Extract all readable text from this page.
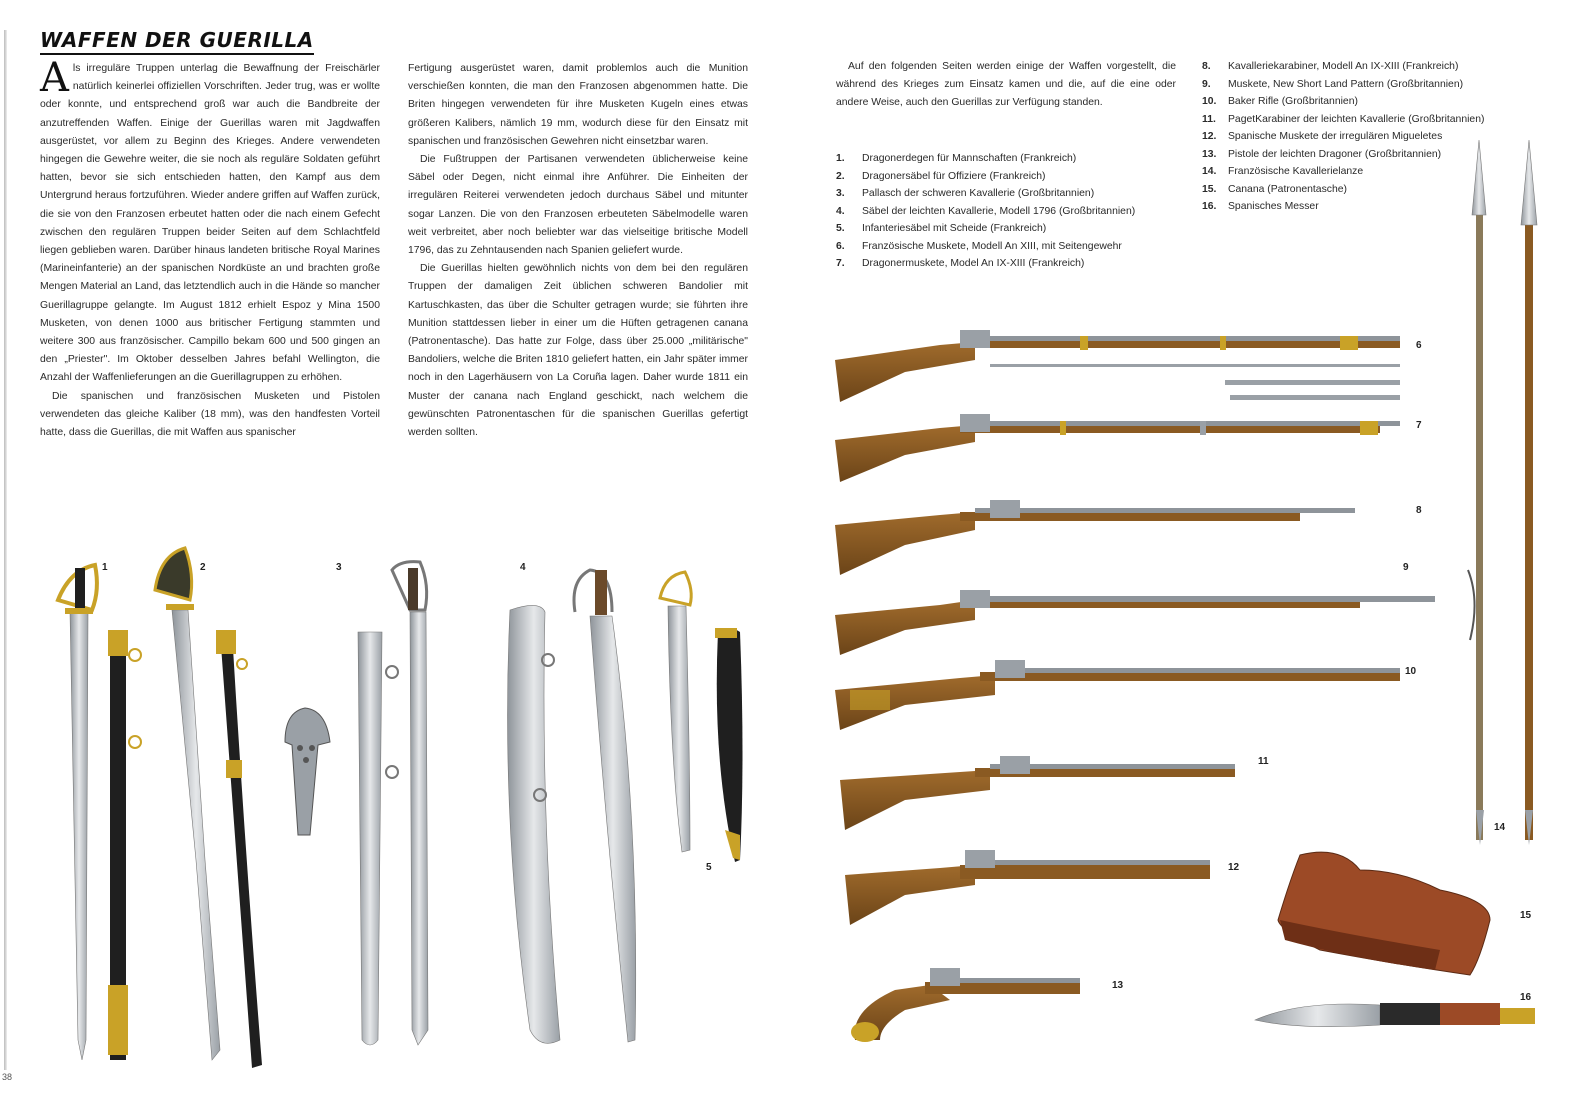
WAFFEN DER GUERILLA

Als irreguläre Truppen unterlag die Bewaffnung der Freischärler natürlich keinerlei offiziellen Vorschriften. Jeder trug, was er wollte oder konnte, und entsprechend groß war auch die Bandbreite der anzutreffenden Waffen. Einige der Guerillas waren mit Jagdwaffen ausgerüstet, vor allem zu Beginn des Krieges. Andere verwendeten hingegen die Gewehre weiter, die sie noch als reguläre Soldaten geführt hatten, bevor sie sich entschieden hatten, den Kampf aus dem Untergrund heraus fortzuführen. Wieder andere griffen auf Waffen zurück, die sie von den Franzosen erbeutet hatten oder die nach einem Gefecht zwischen den regulären Truppen beider Seiten auf dem Schlachtfeld liegen geblieben waren. Darüber hinaus landeten britische Royal Marines (Marineinfanterie) an der spanischen Nordküste an und brachten große Mengen Material an Land, das letztendlich auch in die Hände so mancher Guerillagruppe gelangte. Im August 1812 erhielt Espoz y Mina 1500 Musketen, von denen 1000 aus britischer Fertigung stammten und weitere 300 aus französischer. Campillo bekam 600 und 500 gingen an den „Priester". Im Oktober desselben Jahres befahl Wellington, die Anzahl der Waffenlieferungen an die Guerillagruppen zu erhöhen.

Die spanischen und französischen Musketen und Pistolen verwendeten das gleiche Kaliber (18 mm), was den handfesten Vorteil hatte, dass die Guerillas, die mit Waffen aus spanischer

Fertigung ausgerüstet waren, damit problemlos auch die Munition verschießen konnten, die man den Franzosen abgenommen hatte. Die Briten hingegen verwendeten für ihre Musketen Kugeln eines etwas größeren Kalibers, nämlich 19 mm, wodurch diese für den Einsatz mit spanischen und französischen Gewehren nicht einsetzbar waren.

Die Fußtruppen der Partisanen verwendeten üblicherweise keine Säbel oder Degen, nicht einmal ihre Anführer. Die Einheiten der irregulären Reiterei verwendeten jedoch durchaus Säbel und mitunter sogar Lanzen. Die von den Franzosen erbeuteten Säbelmodelle waren weit verbreitet, aber noch beliebter war das vielseitige britische Modell 1796, das zu Zehntausenden nach Spanien geliefert wurde.

Die Guerillas hielten gewöhnlich nichts von dem bei den regulären Truppen der damaligen Zeit üblichen schweren Bandolier mit Kartuschkasten, das über die Schulter getragen wurde; sie führten ihre Munition stattdessen lieber in einer um die Hüften getragenen canana (Patronentasche). Das hatte zur Folge, dass über 25.000 „militärische" Bandoliers, welche die Briten 1810 geliefert hatten, ein Jahr später immer noch in den Lagerhäusern von La Coruña lagen. Daher wurde 1811 ein Muster der canana nach England geschickt, nach welchem die gewünschten Patronentaschen für die spanischen Guerillas gefertigt werden sollten.

Auf den folgenden Seiten werden einige der Waffen vorgestellt, die während des Krieges zum Einsatz kamen und die, auf die eine oder andere Weise, auch den Guerillas zur Verfügung standen.

1.	Dragonerdegen für Mannschaften (Frankreich)
2.	Dragonersäbel für Offiziere (Frankreich)
3.	Pallasch der schweren Kavallerie (Großbritannien)
4.	Säbel der leichten Kavallerie, Modell 1796 (Großbritannien)
5.	Infanteriesäbel mit Scheide (Frankreich)
6.	Französische Muskete, Modell An XIII, mit Seitengewehr
7.	Dragonermuskete, Model An IX-XIII (Frankreich)
8.	Kavalleriekarabiner, Modell An IX-XIII (Frankreich)
9.	Muskete, New Short Land Pattern (Großbritannien)
10.	Baker Rifle (Großbritannien)
11.	PagetKarabiner der leichten Kavallerie (Großbritannien)
12.	Spanische Muskete der irregulären Migueletes
13.	Pistole der leichten Dragoner (Großbritannien)
14.	Französische Kavallerielanze
15.	Canana (Patronentasche)
16.	Spanisches Messer
1	2	3	4
5
6
7
8
9
10
11
12
13
14
15
16
38
